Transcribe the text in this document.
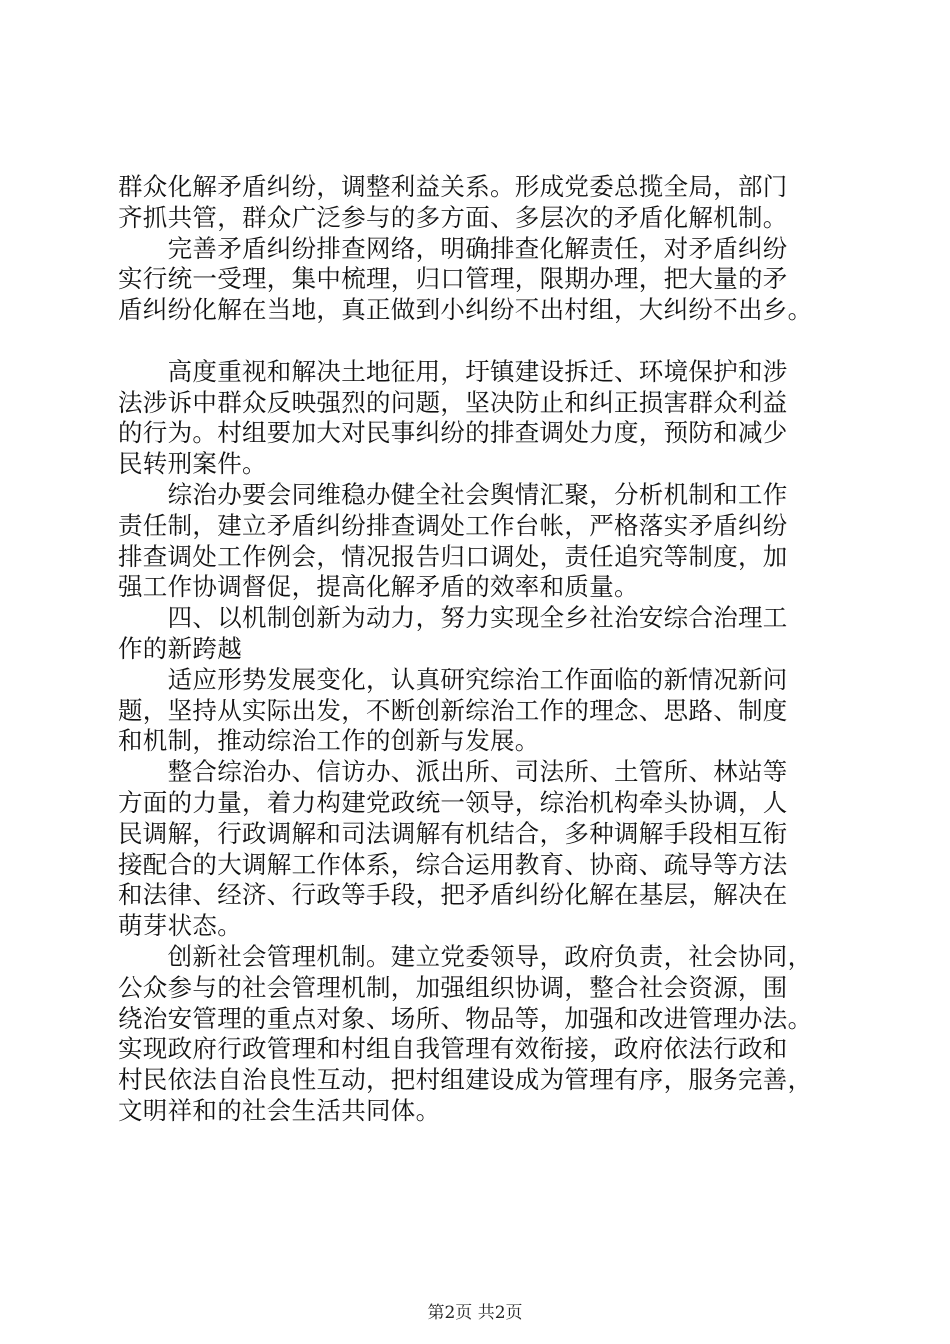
群众化解矛盾纠纷，调整利益关系。形成党委总揽全局，部门
齐抓共管，群众广泛参与的多方面、多层次的矛盾化解机制。
　　完善矛盾纠纷排查网络，明确排查化解责任，对矛盾纠纷
实行统一受理，集中梳理，归口管理，限期办理，把大量的矛
盾纠纷化解在当地，真正做到小纠纷不出村组，大纠纷不出乡。
　　高度重视和解决土地征用，圩镇建设拆迁、环境保护和涉
法涉诉中群众反映强烈的问题，坚决防止和纠正损害群众利益
的行为。村组要加大对民事纠纷的排查调处力度，预防和减少
民转刑案件。
　　综治办要会同维稳办健全社会舆情汇聚，分析机制和工作
责任制，建立矛盾纠纷排查调处工作台帐，严格落实矛盾纠纷
排查调处工作例会，情况报告归口调处，责任追究等制度，加
强工作协调督促，提高化解矛盾的效率和质量。
　　四、以机制创新为动力，努力实现全乡社治安综合治理工
作的新跨越
　　适应形势发展变化，认真研究综治工作面临的新情况新问
题，坚持从实际出发，不断创新综治工作的理念、思路、制度
和机制，推动综治工作的创新与发展。
　　整合综治办、信访办、派出所、司法所、土管所、林站等
方面的力量，着力构建党政统一领导，综治机构牵头协调，人
民调解，行政调解和司法调解有机结合，多种调解手段相互衔
接配合的大调解工作体系，综合运用教育、协商、疏导等方法
和法律、经济、行政等手段，把矛盾纠纷化解在基层，解决在
萌芽状态。
　　创新社会管理机制。建立党委领导，政府负责，社会协同，
公众参与的社会管理机制，加强组织协调，整合社会资源，围
绕治安管理的重点对象、场所、物品等，加强和改进管理办法。
实现政府行政管理和村组自我管理有效衔接，政府依法行政和
村民依法自治良性互动，把村组建设成为管理有序，服务完善，
文明祥和的社会生活共同体。
第2页 共2页
